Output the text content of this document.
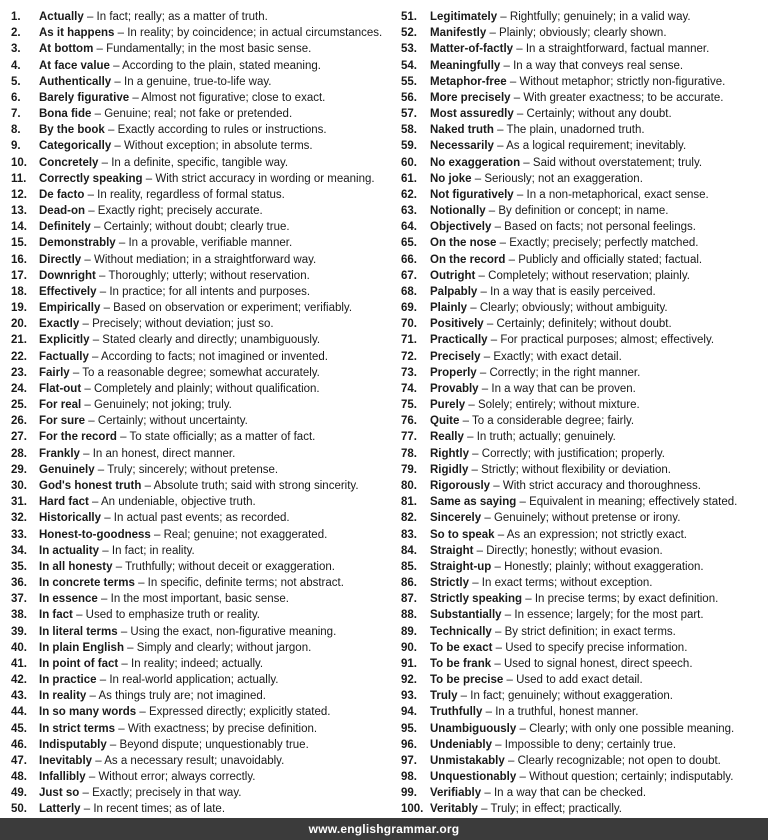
1.	Actually – In fact; really; as a matter of truth.
2.	As it happens – In reality; by coincidence; in actual circumstances.
3.	At bottom – Fundamentally; in the most basic sense.
4.	At face value – According to the plain, stated meaning.
5.	Authentically – In a genuine, true-to-life way.
6.	Barely figurative – Almost not figurative; close to exact.
7.	Bona fide – Genuine; real; not fake or pretended.
8.	By the book – Exactly according to rules or instructions.
9.	Categorically – Without exception; in absolute terms.
10.	Concretely – In a definite, specific, tangible way.
11.	Correctly speaking – With strict accuracy in wording or meaning.
12.	De facto – In reality, regardless of formal status.
13.	Dead-on – Exactly right; precisely accurate.
14.	Definitely – Certainly; without doubt; clearly true.
15.	Demonstrably – In a provable, verifiable manner.
16.	Directly – Without mediation; in a straightforward way.
17.	Downright – Thoroughly; utterly; without reservation.
18.	Effectively – In practice; for all intents and purposes.
19.	Empirically – Based on observation or experiment; verifiably.
20.	Exactly – Precisely; without deviation; just so.
21.	Explicitly – Stated clearly and directly; unambiguously.
22.	Factually – According to facts; not imagined or invented.
23.	Fairly – To a reasonable degree; somewhat accurately.
24.	Flat-out – Completely and plainly; without qualification.
25.	For real – Genuinely; not joking; truly.
26.	For sure – Certainly; without uncertainty.
27.	For the record – To state officially; as a matter of fact.
28.	Frankly – In an honest, direct manner.
29.	Genuinely – Truly; sincerely; without pretense.
30.	God's honest truth – Absolute truth; said with strong sincerity.
31.	Hard fact – An undeniable, objective truth.
32.	Historically – In actual past events; as recorded.
33.	Honest-to-goodness – Real; genuine; not exaggerated.
34.	In actuality – In fact; in reality.
35.	In all honesty – Truthfully; without deceit or exaggeration.
36.	In concrete terms – In specific, definite terms; not abstract.
37.	In essence – In the most important, basic sense.
38.	In fact – Used to emphasize truth or reality.
39.	In literal terms – Using the exact, non-figurative meaning.
40.	In plain English – Simply and clearly; without jargon.
41.	In point of fact – In reality; indeed; actually.
42.	In practice – In real-world application; actually.
43.	In reality – As things truly are; not imagined.
44.	In so many words – Expressed directly; explicitly stated.
45.	In strict terms – With exactness; by precise definition.
46.	Indisputably – Beyond dispute; unquestionably true.
47.	Inevitably – As a necessary result; unavoidably.
48.	Infallibly – Without error; always correctly.
49.	Just so – Exactly; precisely in that way.
50.	Latterly – In recent times; as of late.
51.	Legitimately – Rightfully; genuinely; in a valid way.
52.	Manifestly – Plainly; obviously; clearly shown.
53.	Matter-of-factly – In a straightforward, factual manner.
54.	Meaningfully – In a way that conveys real sense.
55.	Metaphor-free – Without metaphor; strictly non-figurative.
56.	More precisely – With greater exactness; to be accurate.
57.	Most assuredly – Certainly; without any doubt.
58.	Naked truth – The plain, unadorned truth.
59.	Necessarily – As a logical requirement; inevitably.
60.	No exaggeration – Said without overstatement; truly.
61.	No joke – Seriously; not an exaggeration.
62.	Not figuratively – In a non-metaphorical, exact sense.
63.	Notionally – By definition or concept; in name.
64.	Objectively – Based on facts; not personal feelings.
65.	On the nose – Exactly; precisely; perfectly matched.
66.	On the record – Publicly and officially stated; factual.
67.	Outright – Completely; without reservation; plainly.
68.	Palpably – In a way that is easily perceived.
69.	Plainly – Clearly; obviously; without ambiguity.
70.	Positively – Certainly; definitely; without doubt.
71.	Practically – For practical purposes; almost; effectively.
72.	Precisely – Exactly; with exact detail.
73.	Properly – Correctly; in the right manner.
74.	Provably – In a way that can be proven.
75.	Purely – Solely; entirely; without mixture.
76.	Quite – To a considerable degree; fairly.
77.	Really – In truth; actually; genuinely.
78.	Rightly – Correctly; with justification; properly.
79.	Rigidly – Strictly; without flexibility or deviation.
80.	Rigorously – With strict accuracy and thoroughness.
81.	Same as saying – Equivalent in meaning; effectively stated.
82.	Sincerely – Genuinely; without pretense or irony.
83.	So to speak – As an expression; not strictly exact.
84.	Straight – Directly; honestly; without evasion.
85.	Straight-up – Honestly; plainly; without exaggeration.
86.	Strictly – In exact terms; without exception.
87.	Strictly speaking – In precise terms; by exact definition.
88.	Substantially – In essence; largely; for the most part.
89.	Technically – By strict definition; in exact terms.
90.	To be exact – Used to specify precise information.
91.	To be frank – Used to signal honest, direct speech.
92.	To be precise – Used to add exact detail.
93.	Truly – In fact; genuinely; without exaggeration.
94.	Truthfully – In a truthful, honest manner.
95.	Unambiguously – Clearly; with only one possible meaning.
96.	Undeniably – Impossible to deny; certainly true.
97.	Unmistakably – Clearly recognizable; not open to doubt.
98.	Unquestionably – Without question; certainly; indisputably.
99.	Verifiably – In a way that can be checked.
100. Veritably – Truly; in effect; practically.
www.englishgrammar.org
